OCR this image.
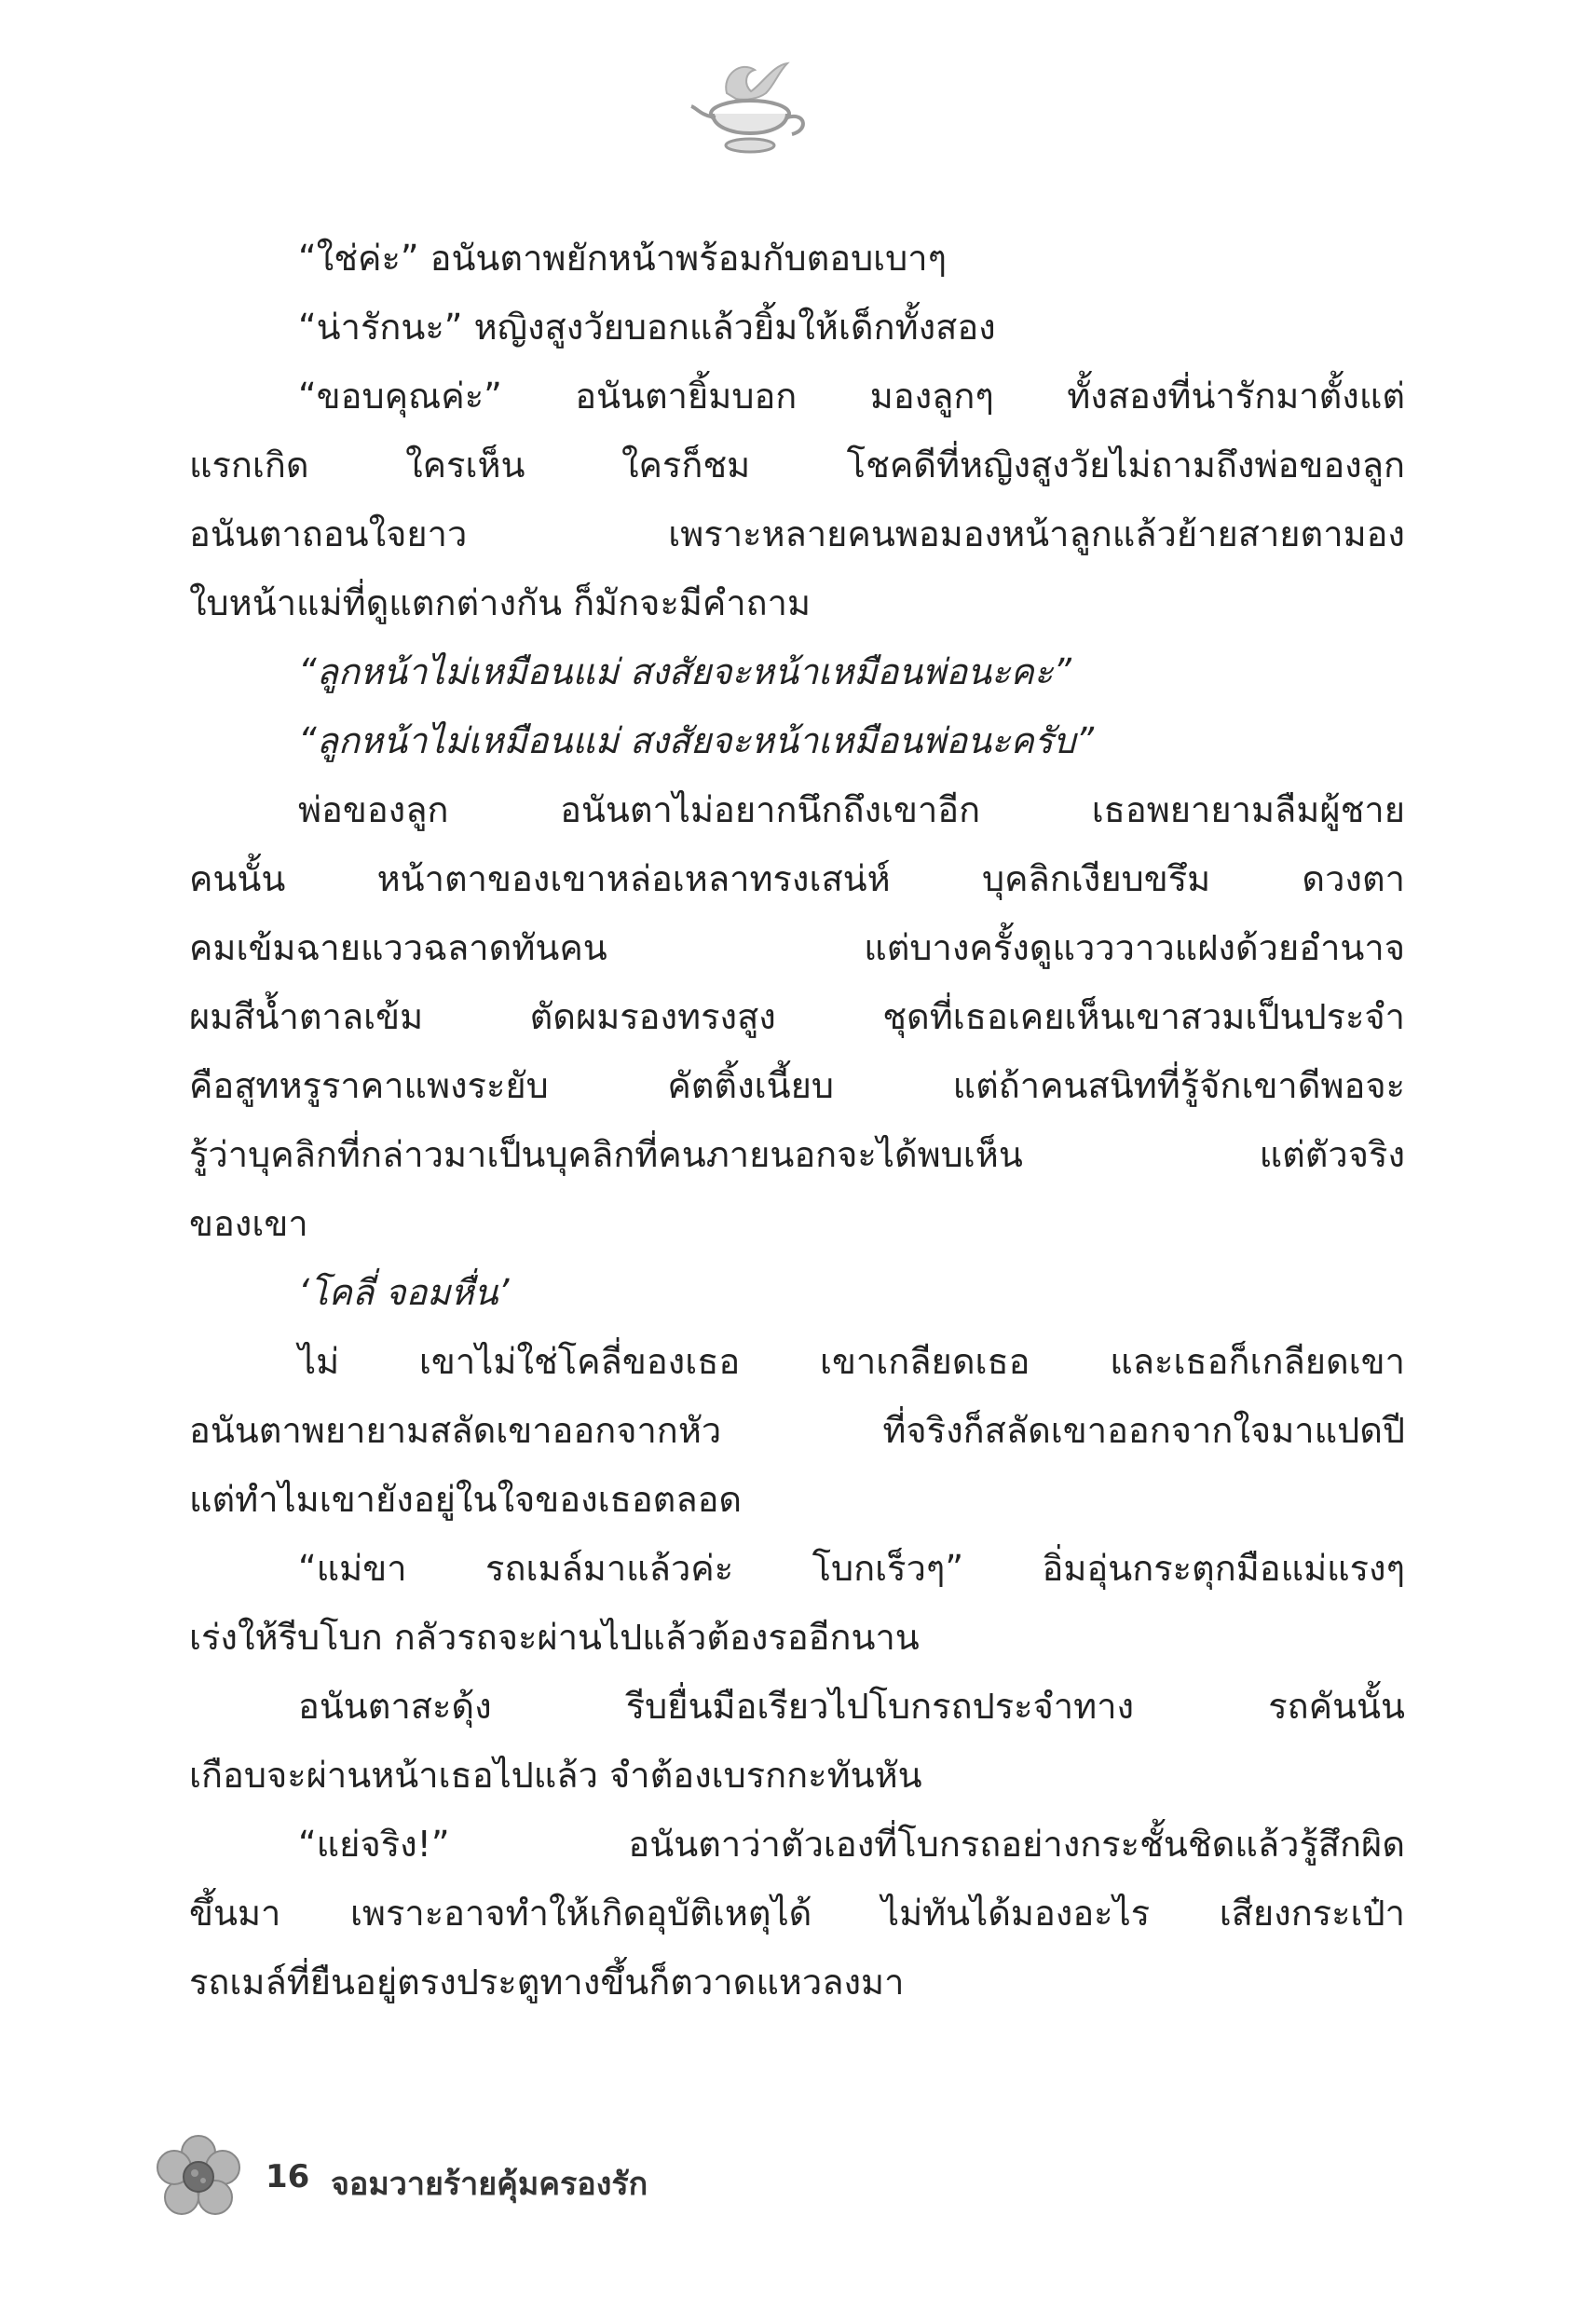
“ใช่ค่ะ” อนันตาพยักหน้าพร้อมกับตอบเบาๆ
“น่ารักนะ” หญิงสูงวัยบอกแล้วยิ้มให้เด็กทั้งสอง
“ขอบคุณค่ะ” อนันตายิ้มบอก มองลูกๆ ทั้งสองที่น่ารักมาตั้งแต่
แรกเกิด ใครเห็น ใครก็ชม โชคดีที่หญิงสูงวัยไม่ถามถึงพ่อของลูก
อนันตาถอนใจยาว เพราะหลายคนพอมองหน้าลูกแล้วย้ายสายตามอง
ใบหน้าแม่ที่ดูแตกต่างกัน ก็มักจะมีคำถาม
“ลูกหน้าไม่เหมือนแม่ สงสัยจะหน้าเหมือนพ่อนะคะ”
“ลูกหน้าไม่เหมือนแม่ สงสัยจะหน้าเหมือนพ่อนะครับ”
พ่อของลูก อนันตาไม่อยากนึกถึงเขาอีก เธอพยายามลืมผู้ชาย
คนนั้น หน้าตาของเขาหล่อเหลาทรงเสน่ห์ บุคลิกเงียบขรึม ดวงตา
คมเข้มฉายแววฉลาดทันคน แต่บางครั้งดูแวววาวแฝงด้วยอำนาจ
ผมสีน้ำตาลเข้ม ตัดผมรองทรงสูง ชุดที่เธอเคยเห็นเขาสวมเป็นประจำ
คือสูทหรูราคาแพงระยับ คัตติ้งเนี้ยบ แต่ถ้าคนสนิทที่รู้จักเขาดีพอจะ
รู้ว่าบุคลิกที่กล่าวมาเป็นบุคลิกที่คนภายนอกจะได้พบเห็น แต่ตัวจริง
ของเขา
‘โคลี่ จอมหื่น’
ไม่ เขาไม่ใช่โคลี่ของเธอ เขาเกลียดเธอ และเธอก็เกลียดเขา
อนันตาพยายามสลัดเขาออกจากหัว ที่จริงก็สลัดเขาออกจากใจมาแปดปี
แต่ทำไมเขายังอยู่ในใจของเธอตลอด
“แม่ขา รถเมล์มาแล้วค่ะ โบกเร็วๆ” อิ่มอุ่นกระตุกมือแม่แรงๆ
เร่งให้รีบโบก กลัวรถจะผ่านไปแล้วต้องรออีกนาน
อนันตาสะดุ้ง รีบยื่นมือเรียวไปโบกรถประจำทาง รถคันนั้น
เกือบจะผ่านหน้าเธอไปแล้ว จำต้องเบรกกะทันหัน
“แย่จริง!” อนันตาว่าตัวเองที่โบกรถอย่างกระชั้นชิดแล้วรู้สึกผิด
ขึ้นมา เพราะอาจทำให้เกิดอุบัติเหตุได้ ไม่ทันได้มองอะไร เสียงกระเป๋า
รถเมล์ที่ยืนอยู่ตรงประตูทางขึ้นก็ตวาดแหวลงมา
16 จอมวายร้ายคุ้มครองรัก
